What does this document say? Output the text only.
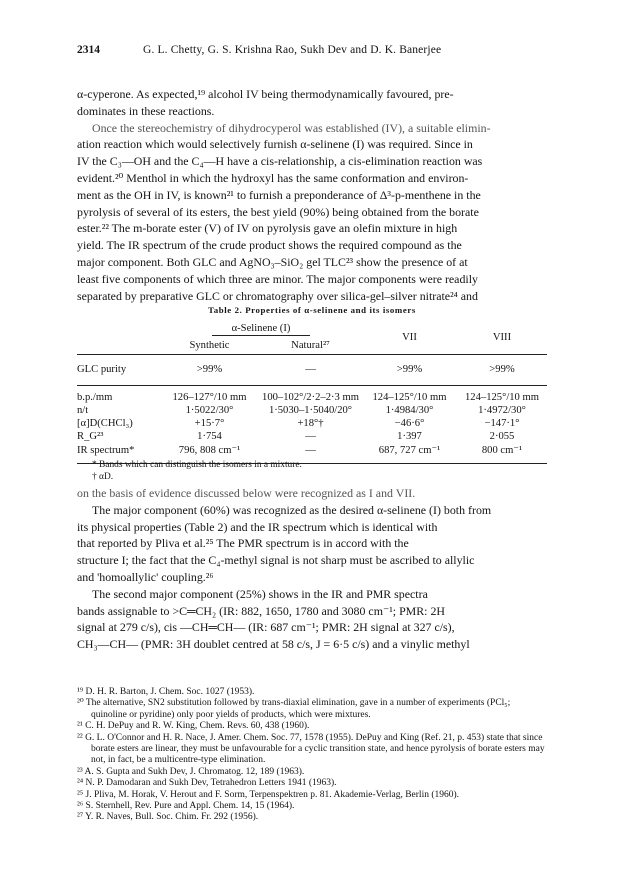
2314	G. L. Chetty, G. S. Krishna Rao, Sukh Dev and D. K. Banerjee

α-cyperone. As expected,¹⁹ alcohol IV being thermodynamically favoured, pre-

dominates in these reactions.

Once the stereochemistry of dihydrocyperol was established (IV), a suitable elimin-

ation reaction which would selectively furnish α-selinene (I) was required. Since in

IV the C₃—OH and the C₄—H have a cis-relationship, a cis-elimination reaction was

evident.²⁰ Menthol in which the hydroxyl has the same conformation and environ-

ment as the OH in IV, is known²¹ to furnish a preponderance of Δ³-p-menthene in the

pyrolysis of several of its esters, the best yield (90%) being obtained from the borate

ester.²² The m-borate ester (V) of IV on pyrolysis gave an olefin mixture in high

yield. The IR spectrum of the crude product shows the required compound as the

major component. Both GLC and AgNO₃–SiO₂ gel TLC²³ show the presence of at

least five components of which three are minor. The major components were readily

separated by preparative GLC or chromatography over silica-gel–silver nitrate²⁴ and

Table 2. Properties of α-selinene and its isomers
	α-Selinene (I)		VII	VIII
	Synthetic	Natural²⁷		

GLC purity	>99%	—	>99%	>99%

b.p./mm	126–127°/10 mm	100–102°/2·2–2·3 mm	124–125°/10 mm	124–125°/10 mm
n/t	1·5022/30°	1·5030–1·5040/20°	1·4984/30°	1·4972/30°
[α]D(CHCl₃)	+15·7°	+18°†	−46·6°	−147·1°
R_G²³	1·754	—	1·397	2·055
IR spectrum*	796, 808 cm⁻¹	—	687, 727 cm⁻¹	800 cm⁻¹

* Bands which can distinguish the isomers in a mixture.

† αD.

on the basis of evidence discussed below were recognized as I and VII.

The major component (60%) was recognized as the desired α-selinene (I) both from

its physical properties (Table 2) and the IR spectrum which is identical with

that reported by Pliva et al.²⁵ The PMR spectrum is in accord with the

structure I; the fact that the C₄-methyl signal is not sharp must be ascribed to allylic

and 'homoallylic' coupling.²⁶

The second major component (25%) shows in the IR and PMR spectra

bands assignable to >C═CH₂ (IR: 882, 1650, 1780 and 3080 cm⁻¹; PMR: 2H

signal at 279 c/s), cis —CH═CH— (IR: 687 cm⁻¹; PMR: 2H signal at 327 c/s),

CH₃—CH— (PMR: 3H doublet centred at 58 c/s, J = 6·5 c/s) and a vinylic methyl

¹⁹ D. H. R. Barton, J. Chem. Soc. 1027 (1953).

²⁰ The alternative, SN2 substitution followed by trans-diaxial elimination, gave in a number of experiments (PCl₅; quinoline or pyridine) only poor yields of products, which were mixtures.

²¹ C. H. DePuy and R. W. King, Chem. Revs. 60, 438 (1960).

²² G. L. O'Connor and H. R. Nace, J. Amer. Chem. Soc. 77, 1578 (1955). DePuy and King (Ref. 21, p. 453) state that since borate esters are linear, they must be unfavourable for a cyclic transition state, and hence pyrolysis of borate esters may not, in fact, be a multicentre-type elimination.

²³ A. S. Gupta and Sukh Dev, J. Chromatog. 12, 189 (1963).

²⁴ N. P. Damodaran and Sukh Dev, Tetrahedron Letters 1941 (1963).

²⁵ J. Pliva, M. Horak, V. Herout and F. Sorm, Terpenspektren p. 81. Akademie-Verlag, Berlin (1960).

²⁶ S. Sternhell, Rev. Pure and Appl. Chem. 14, 15 (1964).

²⁷ Y. R. Naves, Bull. Soc. Chim. Fr. 292 (1956).
